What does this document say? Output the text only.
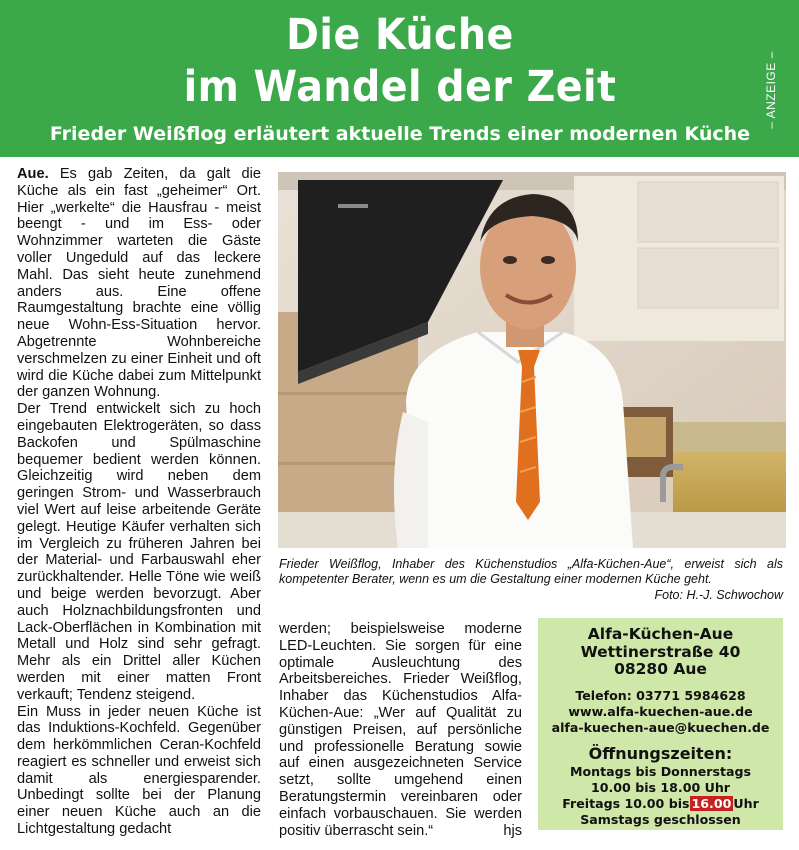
Die Küche
im Wandel der Zeit
Frieder Weißflog erläutert aktuelle Trends einer modernen Küche
– ANZEIGE –

Aue. Es gab Zeiten, da galt die Küche als ein fast „geheimer“ Ort. Hier „werkelte“ die Hausfrau - meist beengt - und im Ess- oder Wohnzimmer warteten die Gäste voller Ungeduld auf das leckere Mahl. Das sieht heute zunehmend anders aus. Eine offene Raumgestaltung brachte eine völlig neue Wohn-Ess-Situation hervor. Abgetrennte Wohnbereiche verschmelzen zu einer Einheit und oft wird die Küche dabei zum Mittelpunkt der ganzen Wohnung.

Der Trend entwickelt sich zu hoch eingebauten Elektrogeräten, so dass Backofen und Spülmaschine bequemer bedient werden können. Gleichzeitig wird neben dem geringen Strom- und Wasserbrauch viel Wert auf leise arbeitende Geräte gelegt. Heutige Käufer verhalten sich im Vergleich zu früheren Jahren bei der Material- und Farbauswahl eher zurückhaltender. Helle Töne wie weiß und beige werden bevorzugt. Aber auch Holznachbildungsfronten und Lack-Oberflächen in Kombination mit Metall und Holz sind sehr gefragt. Mehr als ein Drittel aller Küchen werden mit einer matten Front verkauft; Tendenz steigend.

Ein Muss in jeder neuen Küche ist das Induktions-Kochfeld. Gegenüber dem herkömmlichen Ceran-Kochfeld reagiert es schneller und erweist sich damit als energiesparender. Unbedingt sollte bei der Planung einer neuen Küche auch an die Lichtgestaltung gedacht

Frieder Weißflog, Inhaber des Küchenstudios „Alfa-Küchen-Aue“, erweist sich als kompetenter Berater, wenn es um die Gestaltung einer modernen Küche geht.
Foto: H.-J. Schwochow

werden; beispielsweise moderne LED-Leuchten. Sie sorgen für eine optimale Ausleuchtung des Arbeitsbereiches. Frieder Weißflog, Inhaber das Küchenstudios Alfa-Küchen-Aue: „Wer auf Qualität zu günstigen Preisen, auf persönliche und professionelle Beratung sowie auf einen ausgezeichneten Service setzt, sollte umgehend einen Beratungstermin vereinbaren oder einfach vorbauschauen. Sie werden positiv überrascht sein.“	hjs

Alfa-Küchen-Aue
Wettinerstraße 40
08280 Aue
Telefon: 03771 5984628
www.alfa-kuechen-aue.de
alfa-kuechen-aue@kuechen.de
Öffnungszeiten:
Montags bis Donnerstags
10.00 bis 18.00 Uhr
Freitags 10.00 bis 16.00 Uhr
Samstags geschlossen
